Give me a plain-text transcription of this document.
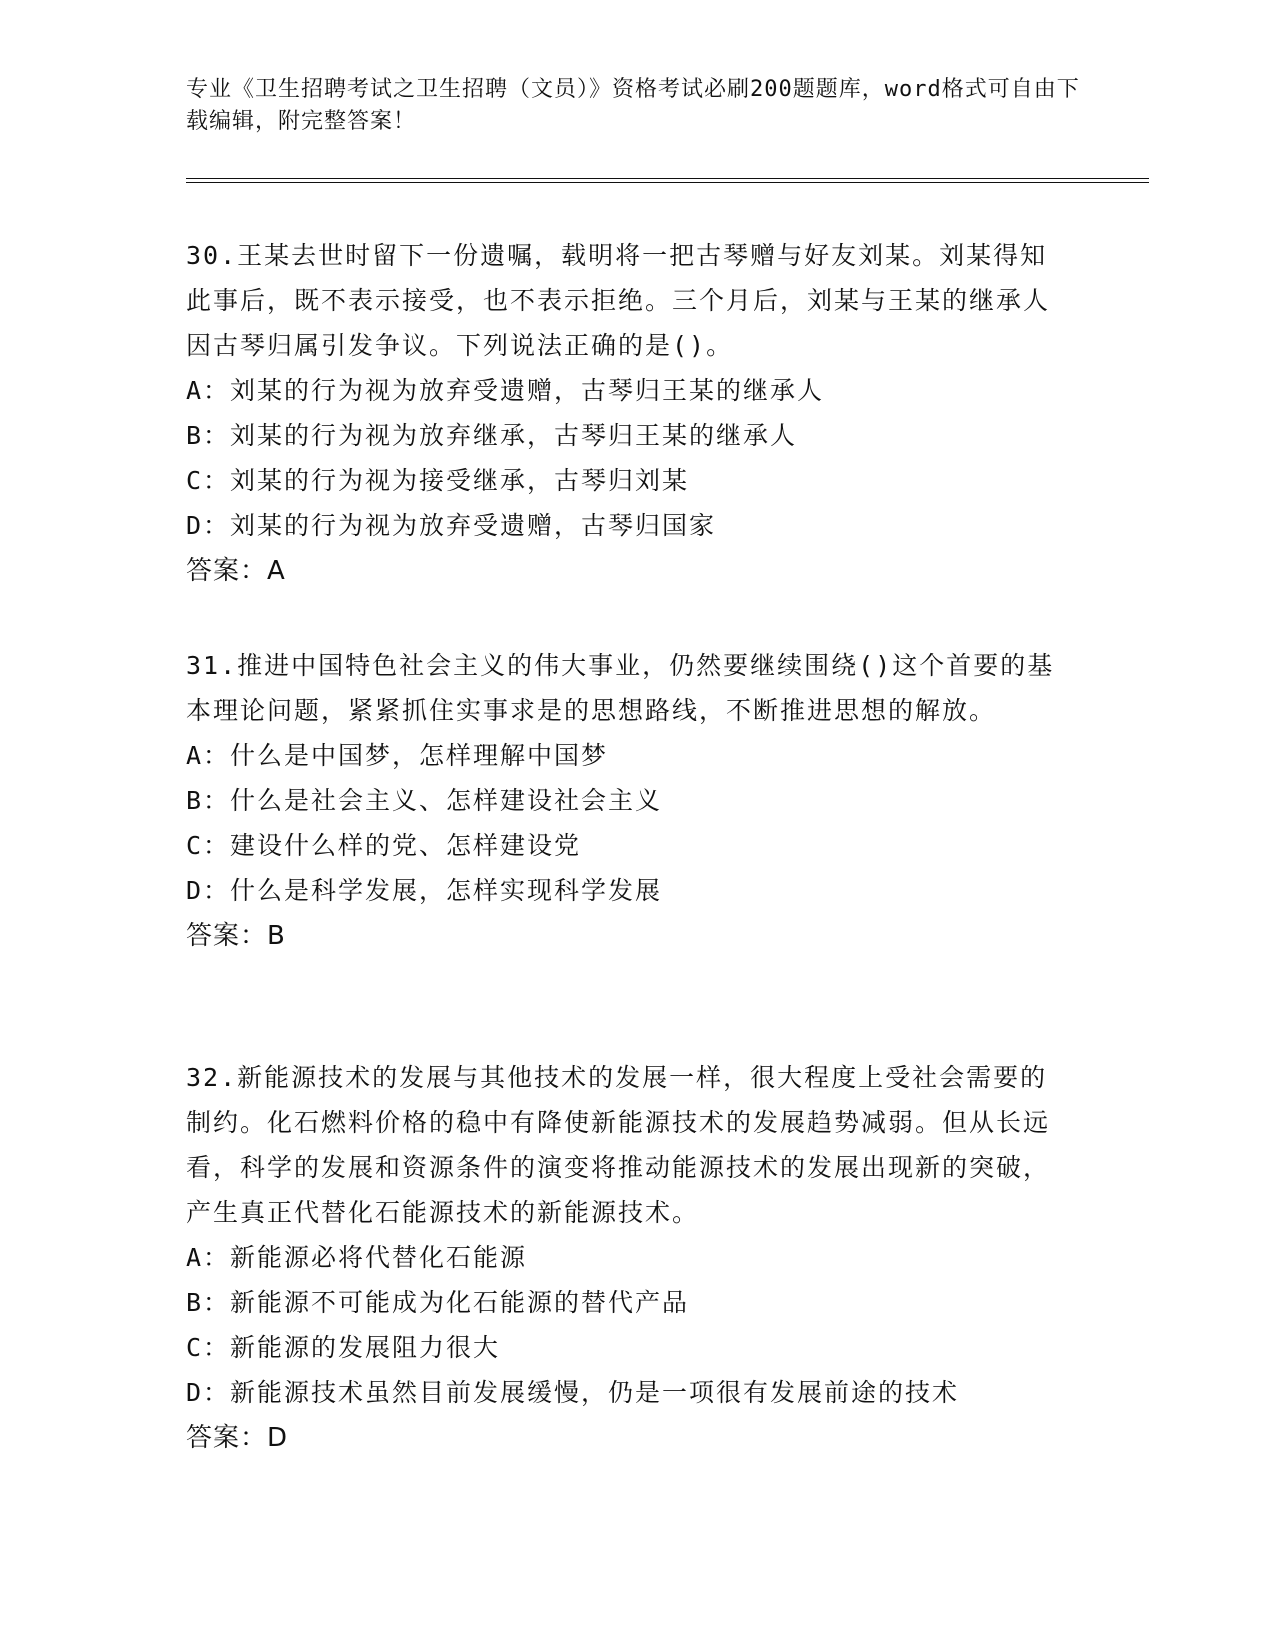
专业《卫生招聘考试之卫生招聘（文员）》资格考试必刷200题题库，word格式可自由下载编辑，附完整答案！

30.王某去世时留下一份遗嘱，载明将一把古琴赠与好友刘某。刘某得知此事后，既不表示接受，也不表示拒绝。三个月后，刘某与王某的继承人因古琴归属引发争议。下列说法正确的是()。

A：刘某的行为视为放弃受遗赠，古琴归王某的继承人

B：刘某的行为视为放弃继承，古琴归王某的继承人

C：刘某的行为视为接受继承，古琴归刘某

D：刘某的行为视为放弃受遗赠，古琴归国家

答案：A

31.推进中国特色社会主义的伟大事业，仍然要继续围绕()这个首要的基本理论问题，紧紧抓住实事求是的思想路线，不断推进思想的解放。

A：什么是中国梦，怎样理解中国梦

B：什么是社会主义、怎样建设社会主义

C：建设什么样的党、怎样建设党

D：什么是科学发展，怎样实现科学发展

答案：B

32.新能源技术的发展与其他技术的发展一样，很大程度上受社会需要的制约。化石燃料价格的稳中有降使新能源技术的发展趋势减弱。但从长远看，科学的发展和资源条件的演变将推动能源技术的发展出现新的突破，产生真正代替化石能源技术的新能源技术。

A：新能源必将代替化石能源

B：新能源不可能成为化石能源的替代产品

C：新能源的发展阻力很大

D：新能源技术虽然目前发展缓慢，仍是一项很有发展前途的技术

答案：D
